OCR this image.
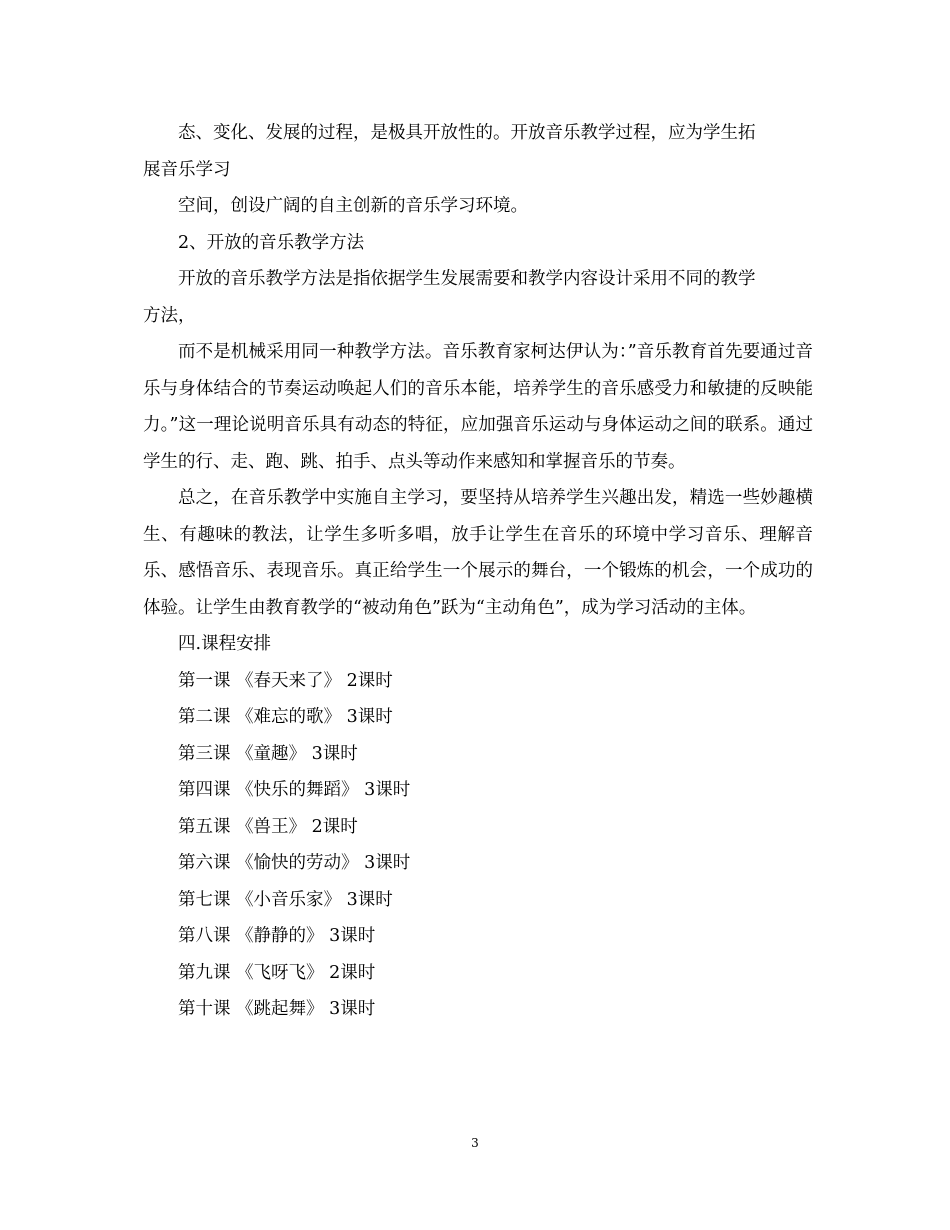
态、变化、发展的过程，是极具开放性的。开放音乐教学过程，应为学生拓

展音乐学习

空间，创设广阔的自主创新的音乐学习环境。

2、开放的音乐教学方法

开放的音乐教学方法是指依据学生发展需要和教学内容设计采用不同的教学

方法，

而不是机械采用同一种教学方法。音乐教育家柯达伊认为：”音乐教育首先要通过音乐与身体结合的节奏运动唤起人们的音乐本能，培养学生的音乐感受力和敏捷的反映能力。”这一理论说明音乐具有动态的特征，应加强音乐运动与身体运动之间的联系。通过学生的行、走、跑、跳、拍手、点头等动作来感知和掌握音乐的节奏。

总之，在音乐教学中实施自主学习，要坚持从培养学生兴趣出发，精选一些妙趣横生、有趣味的教法，让学生多听多唱，放手让学生在音乐的环境中学习音乐、理解音乐、感悟音乐、表现音乐。真正给学生一个展示的舞台，一个锻炼的机会，一个成功的体验。让学生由教育教学的“被动角色”跃为“主动角色”，成为学习活动的主体。

四.课程安排

第一课 《春天来了》 2课时

第二课 《难忘的歌》 3课时

第三课 《童趣》 3课时

第四课 《快乐的舞蹈》 3课时

第五课 《兽王》 2课时

第六课 《愉快的劳动》 3课时

第七课 《小音乐家》 3课时

第八课 《静静的》 3课时

第九课 《飞呀飞》 2课时

第十课 《跳起舞》 3课时

3
